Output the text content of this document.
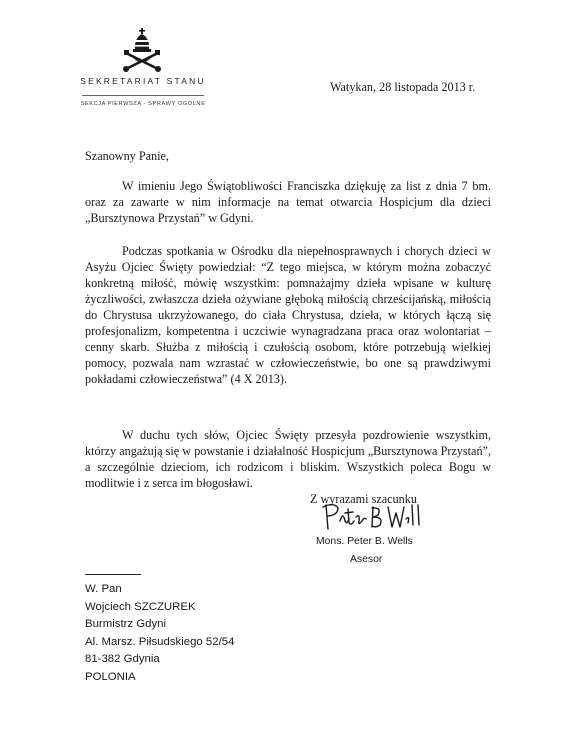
SEKRETARIAT STANU
SEKCJA PIERWSZA - SPRAWY OGÓLNE
Watykan, 28 listopada 2013 r.
Szanowny Panie,
W imieniu Jego Świątobliwości Franciszka dziękuję za list z dnia 7 bm. oraz za zawarte w nim informacje na temat otwarcia Hospicjum dla dzieci „Bursztynowa Przystań” w Gdyni.
Podczas spotkania w Ośrodku dla niepełnosprawnych i chorych dzieci w Asyżu Ojciec Święty powiedział: “Z tego miejsca, w którym można zobaczyć konkretną miłość, mówię wszystkim: pomnażajmy dzieła wpisane w kulturę życzliwości, zwłaszcza dzieła ożywiane głęboką miłością chrześcijańską, miłością do Chrystusa ukrzyżowanego, do ciała Chrystusa, dzieła, w których łączą się profesjonalizm, kompetentna i uczciwie wynagradzana praca oraz wolontariat – cenny skarb. Służba z miłością i czułością osobom, które potrzebują wielkiej pomocy, pozwala nam wzrastać w człowieczeństwie, bo one są prawdziwymi pokładami człowieczeństwa” (4 X 2013).
W duchu tych słów, Ojciec Święty przesyła pozdrowienie wszystkim, którzy angażują się w powstanie i działalność Hospicjum „Bursztynowa Przystań”, a szczególnie dzieciom, ich rodzicom i bliskim. Wszystkich poleca Bogu w modlitwie i z serca im błogosławi.
Z wyrazami szacunku
Mons. Peter B. Wells
Asesor
W. Pan
Wojciech SZCZUREK
Burmistrz Gdyni
Al. Marsz. Piłsudskiego 52/54
81-382 Gdynia
POLONIA
